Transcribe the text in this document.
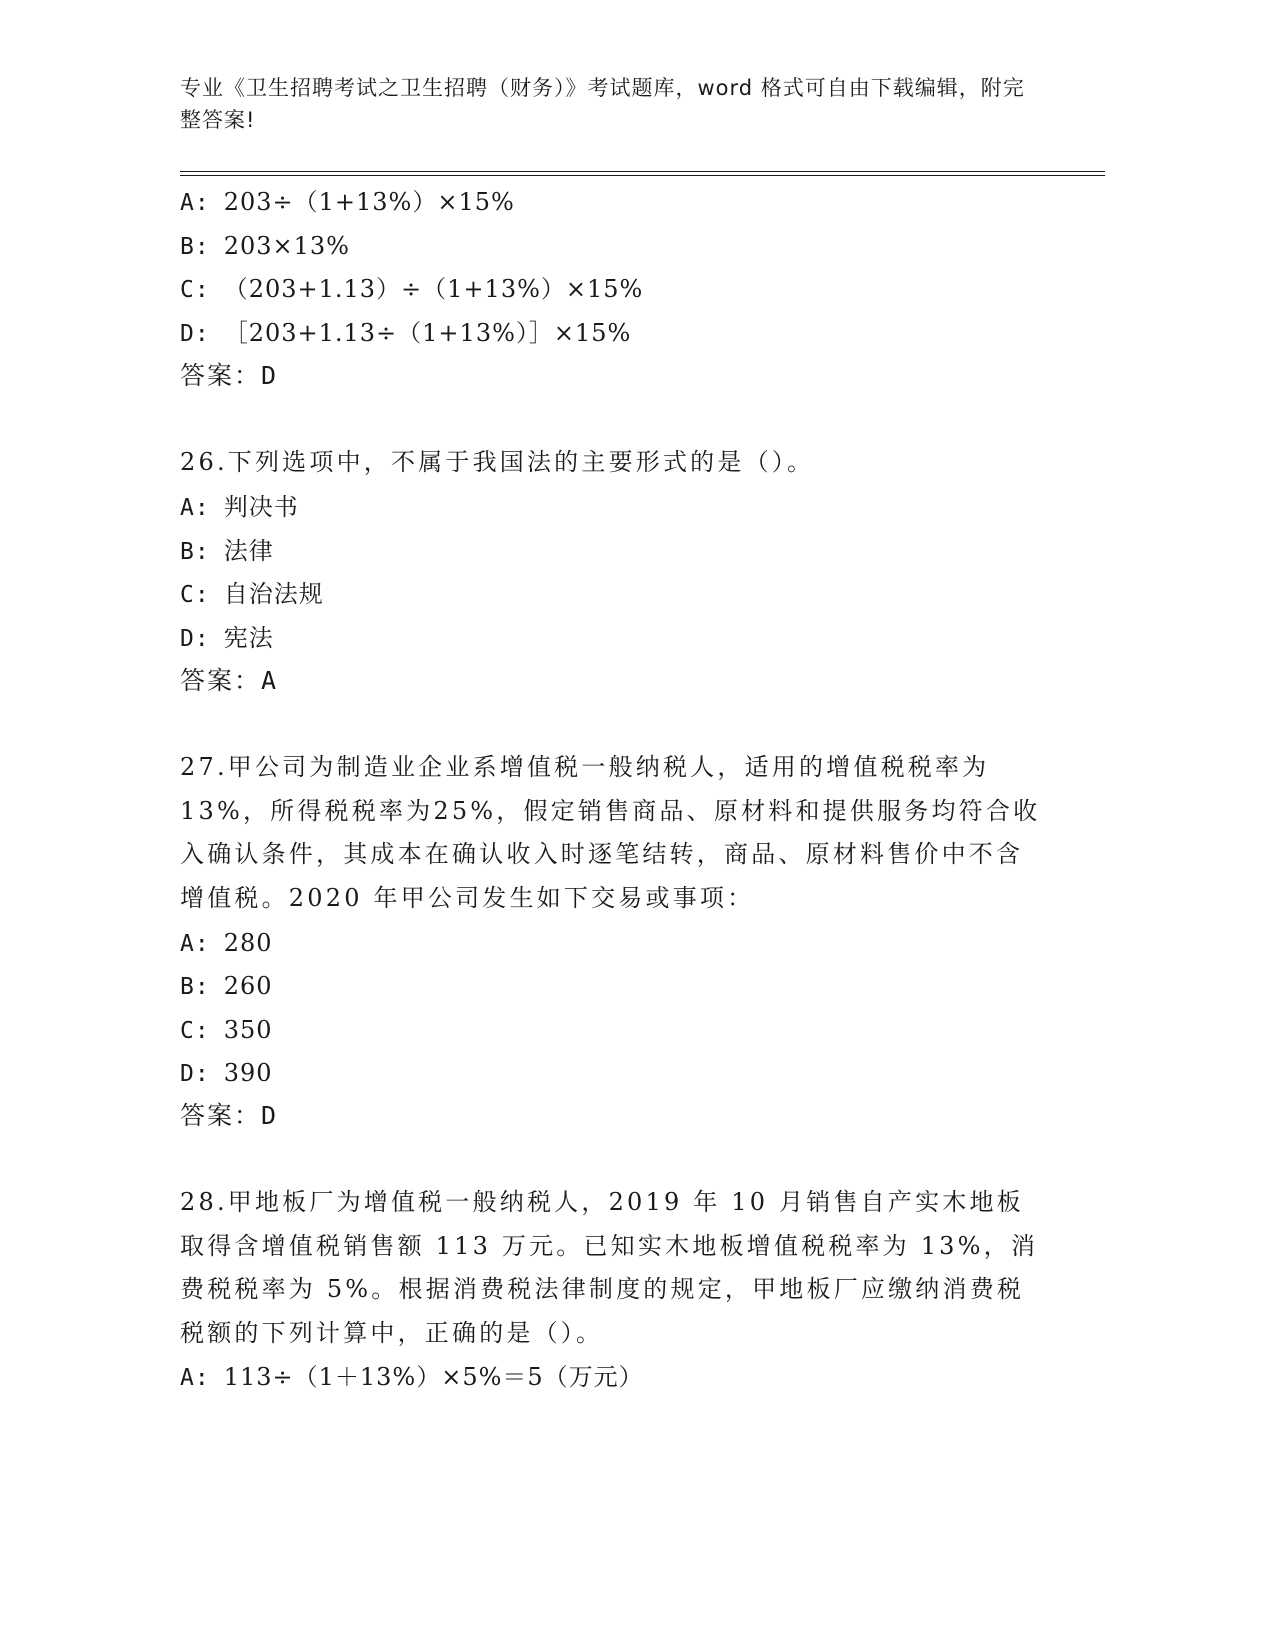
专业《卫生招聘考试之卫生招聘（财务）》考试题库，word 格式可自由下载编辑，附完整答案!
A: 203÷（1+13%）×15%
B: 203×13%
C: （203+1.13）÷（1+13%）×15%
D: ［203+1.13÷（1+13%）］×15%
答案：D
26.下列选项中，不属于我国法的主要形式的是（）。
A: 判决书
B: 法律
C: 自治法规
D: 宪法
答案：A
27.甲公司为制造业企业系增值税一般纳税人，适用的增值税税率为13%，所得税税率为25%，假定销售商品、原材料和提供服务均符合收入确认条件，其成本在确认收入时逐笔结转，商品、原材料售价中不含增值税。2020 年甲公司发生如下交易或事项：
A: 280
B: 260
C: 350
D: 390
答案：D
28.甲地板厂为增值税一般纳税人，2019 年 10 月销售自产实木地板取得含增值税销售额 113 万元。已知实木地板增值税税率为 13%，消费税税率为 5%。根据消费税法律制度的规定，甲地板厂应缴纳消费税税额的下列计算中，正确的是（）。
A: 113÷（1＋13%）×5%＝5（万元）
